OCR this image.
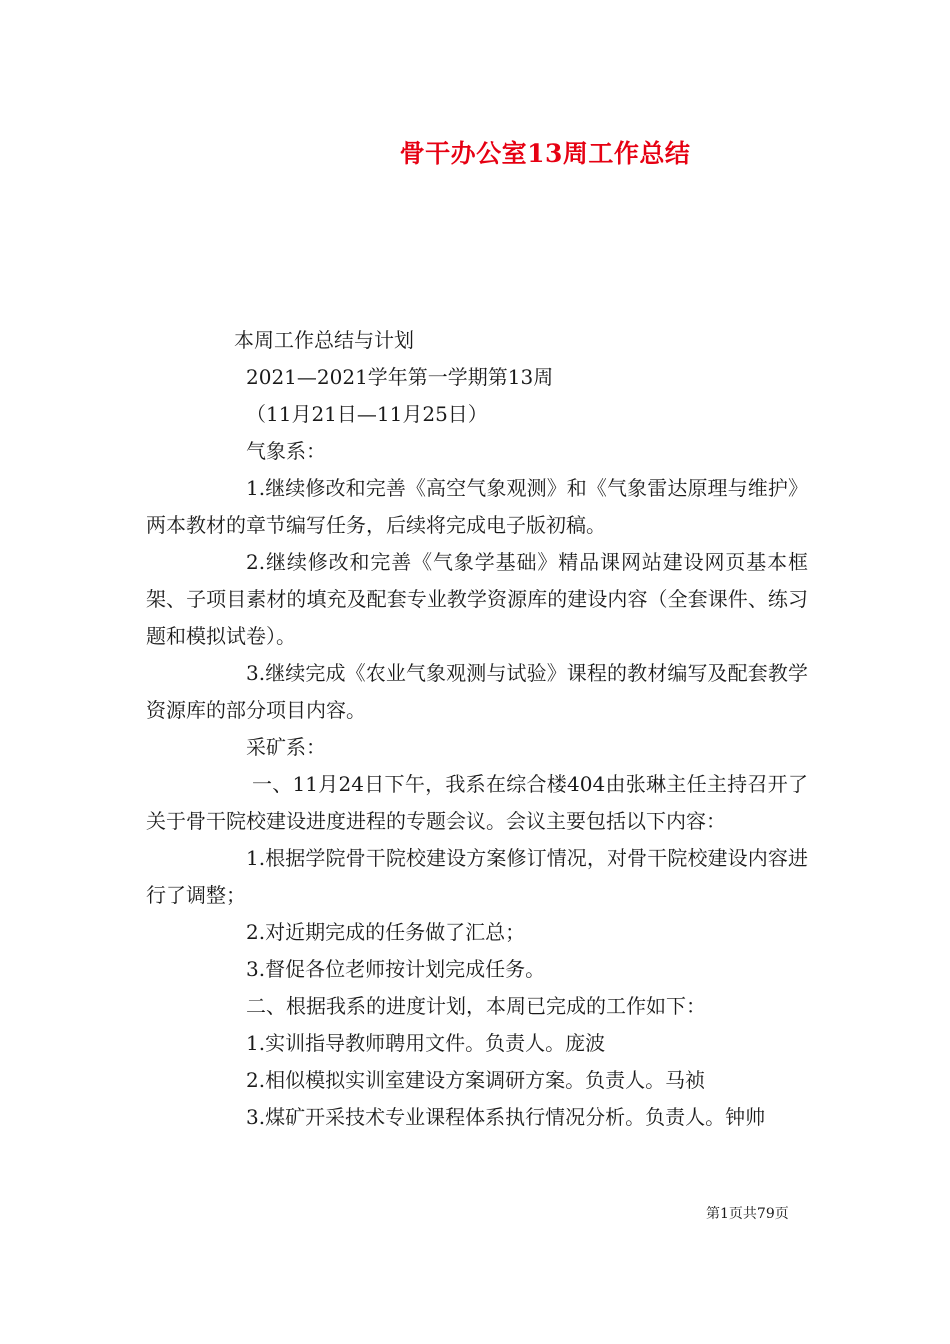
骨干办公室13周工作总结

本周工作总结与计划

2021—2021学年第一学期第13周

（11月21日—11月25日）

气象系：

1.继续修改和完善《高空气象观测》和《气象雷达原理与维护》两本教材的章节编写任务，后续将完成电子版初稿。

2.继续修改和完善《气象学基础》精品课网站建设网页基本框架、子项目素材的填充及配套专业教学资源库的建设内容（全套课件、练习题和模拟试卷）。

3.继续完成《农业气象观测与试验》课程的教材编写及配套教学资源库的部分项目内容。

采矿系：

一、11月24日下午，我系在综合楼404由张琳主任主持召开了关于骨干院校建设进度进程的专题会议。会议主要包括以下内容：

1.根据学院骨干院校建设方案修订情况，对骨干院校建设内容进行了调整；

2.对近期完成的任务做了汇总；

3.督促各位老师按计划完成任务。

二、根据我系的进度计划，本周已完成的工作如下：

1.实训指导教师聘用文件。负责人。庞波

2.相似模拟实训室建设方案调研方案。负责人。马祯

3.煤矿开采技术专业课程体系执行情况分析。负责人。钟帅

第1页共79页
